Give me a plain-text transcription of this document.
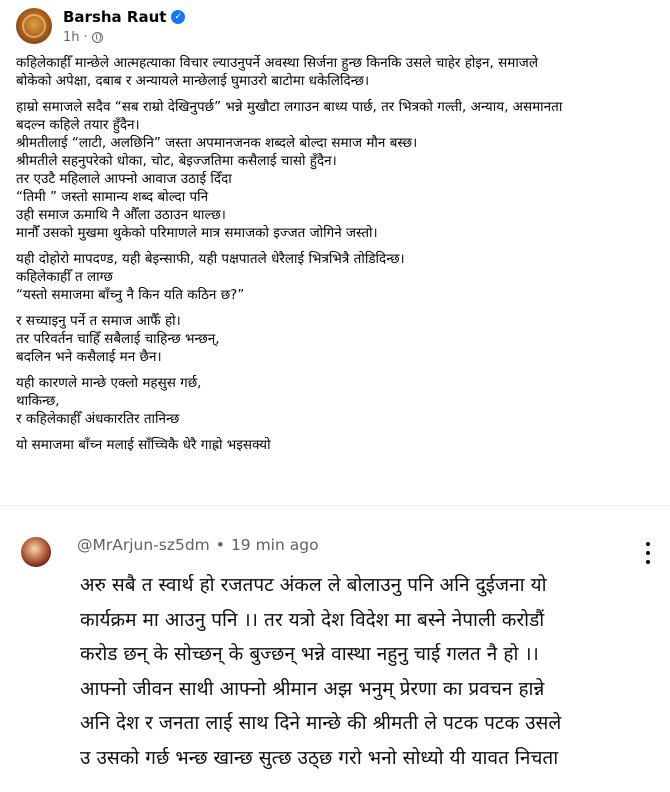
Barsha Raut ✓
1h ·

कहिलेकाहीँ मान्छेले आत्महत्याका विचार ल्याउनुपर्ने अवस्था सिर्जना हुन्छ किनकि उसले चाहेर होइन, समाजले
बोकेको अपेक्षा, दबाब र अन्यायले मान्छेलाई घुमाउरो बाटोमा धकेलिदिन्छ।

हाम्रो समाजले सदैव “सब राम्रो देखिनुपर्छ” भन्ने मुखौटा लगाउन बाध्य पार्छ, तर भित्रको गल्ती, अन्याय, असमानता
बदल्न कहिले तयार हुँदैन।
श्रीमतीलाई “लाटी, अलछिनि” जस्ता अपमानजनक शब्दले बोल्दा समाज मौन बस्छ।
श्रीमतीले सहनुपरेको धोका, चोट, बेइज्जतिमा कसैलाई चासो हुँदैन।
तर एउटै महिलाले आफ्नो आवाज उठाई दिँदा
“तिमी ” जस्तो सामान्य शब्द बोल्दा पनि
उही समाज ऊमाथि नै औँला उठाउन थाल्छ।
मानौँ उसको मुखमा थुकेको परिमाणले मात्र समाजको इज्जत जोगिने जस्तो।

यही दोहोरो मापदण्ड, यही बेइन्साफी, यही पक्षपातले धेरैलाई भित्रभित्रै तोडिदिन्छ।
कहिलेकाहीँ त लाग्छ
“यस्तो समाजमा बाँच्नु नै किन यति कठिन छ?”

र सच्याइनु पर्ने त समाज आफैँ हो।
तर परिवर्तन चाहिँ सबैलाई चाहिन्छ भन्छन्,
बदलिन भने कसैलाई मन छैन।

यही कारणले मान्छे एक्लो महसुस गर्छ,
थाकिन्छ,
र कहिलेकाहीँ अंधकारतिर तानिन्छ

यो समाजमा बाँच्न मलाई साँच्चिकै धेरै गाह्रो भइसक्यो

@MrArjun-sz5dm • 19 min ago
अरु सबै त स्वार्थ हो रजतपट अंकल ले बोलाउनु पनि अनि दुईजना यो
कार्यक्रम मा आउनु पनि ।। तर यत्रो देश विदेश मा बस्ने नेपाली करोडौं
करोड छन् के सोच्छन् के बुज्छन् भन्ने वास्था नहुनु चाई गलत नै हो ।।
आफ्नो जीवन साथी आफ्नो श्रीमान अझ भनुम् प्रेरणा का प्रवचन हान्ने
अनि देश र जनता लाई साथ दिने मान्छे की श्रीमती ले पटक पटक उसले
उ उसको गर्छ भन्छ खान्छ सुत्छ उठ्छ गरो भनो सोध्यो यी यावत निचता
